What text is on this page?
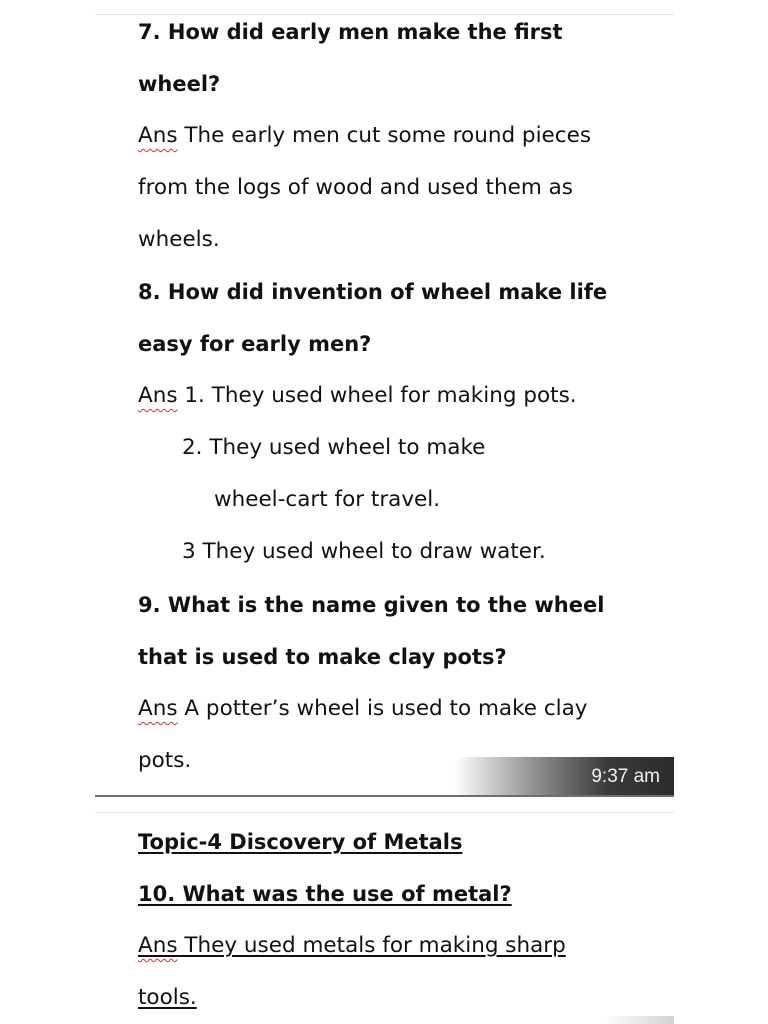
7. How did early men make the first
wheel?
Ans The early men cut some round pieces
from the logs of wood and used them as
wheels.
8. How did invention of wheel make life
easy for early men?
Ans 1. They used wheel for making pots.
2. They used wheel to make
wheel-cart for travel.
3 They used wheel to draw water.
9. What is the name given to the wheel
that is used to make clay pots?
Ans A potter’s wheel is used to make clay
pots.
9:37 am
Topic-4 Discovery of Metals
10. What was the use of metal?
Ans They used metals for making sharp
tools.
